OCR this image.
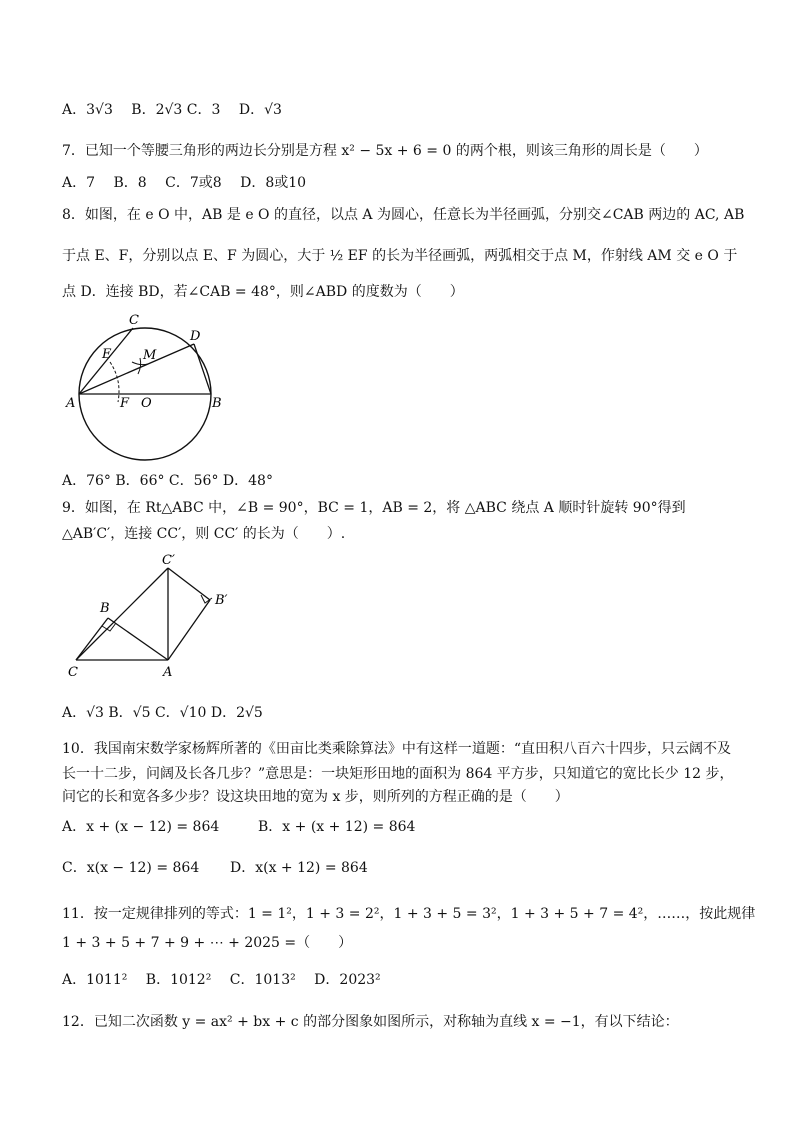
A．3√3　 B．2√3 C．3　 D．√3
7．已知一个等腰三角形的两边长分别是方程 x² − 5x + 6 = 0 的两个根，则该三角形的周长是（　　）
A．7　 B．8　 C．7或8　 D．8或10
8．如图，在 e O 中，AB 是 e O 的直径，以点 A 为圆心，任意长为半径画弧，分别交∠CAB 两边的 AC, AB
于点 E、F，分别以点 E、F 为圆心，大于 ½ EF 的长为半径画弧，两弧相交于点 M，作射线 AM 交 e O 于
点 D．连接 BD，若∠CAB = 48°，则∠ABD 的度数为（　　）
C
D
E M
A	F O	B
A．76° B．66° C．56° D．48°
9．如图，在 Rt△ABC 中，∠B = 90°，BC = 1，AB = 2，将 △ABC 绕点 A 顺时针旋转 90°得到
△AB′C′，连接 CC′，则 CC′ 的长为（　　）.
C′
B′
B
C	A
A．√3 B．√5 C．√10 D．2√5
10．我国南宋数学家杨辉所著的《田亩比类乘除算法》中有这样一道题：“直田积八百六十四步，只云阔不及
长一十二步，问阔及长各几步？”意思是：一块矩形田地的面积为 864 平方步，只知道它的宽比长少 12 步，
问它的长和宽各多少步？设这块田地的宽为 x 步，则所列的方程正确的是（　　）
A．x + (x − 12) = 864	B．x + (x + 12) = 864
C．x(x − 12) = 864 D．x(x + 12) = 864
11．按一定规律排列的等式：1 = 1²，1 + 3 = 2²，1 + 3 + 5 = 3²，1 + 3 + 5 + 7 = 4²，……，按此规律
1 + 3 + 5 + 7 + 9 + ⋯ + 2025 =（　　）
A．1011²　 B．1012²　 C．1013²　 D．2023²
12．已知二次函数 y = ax² + bx + c 的部分图象如图所示，对称轴为直线 x = −1，有以下结论：
